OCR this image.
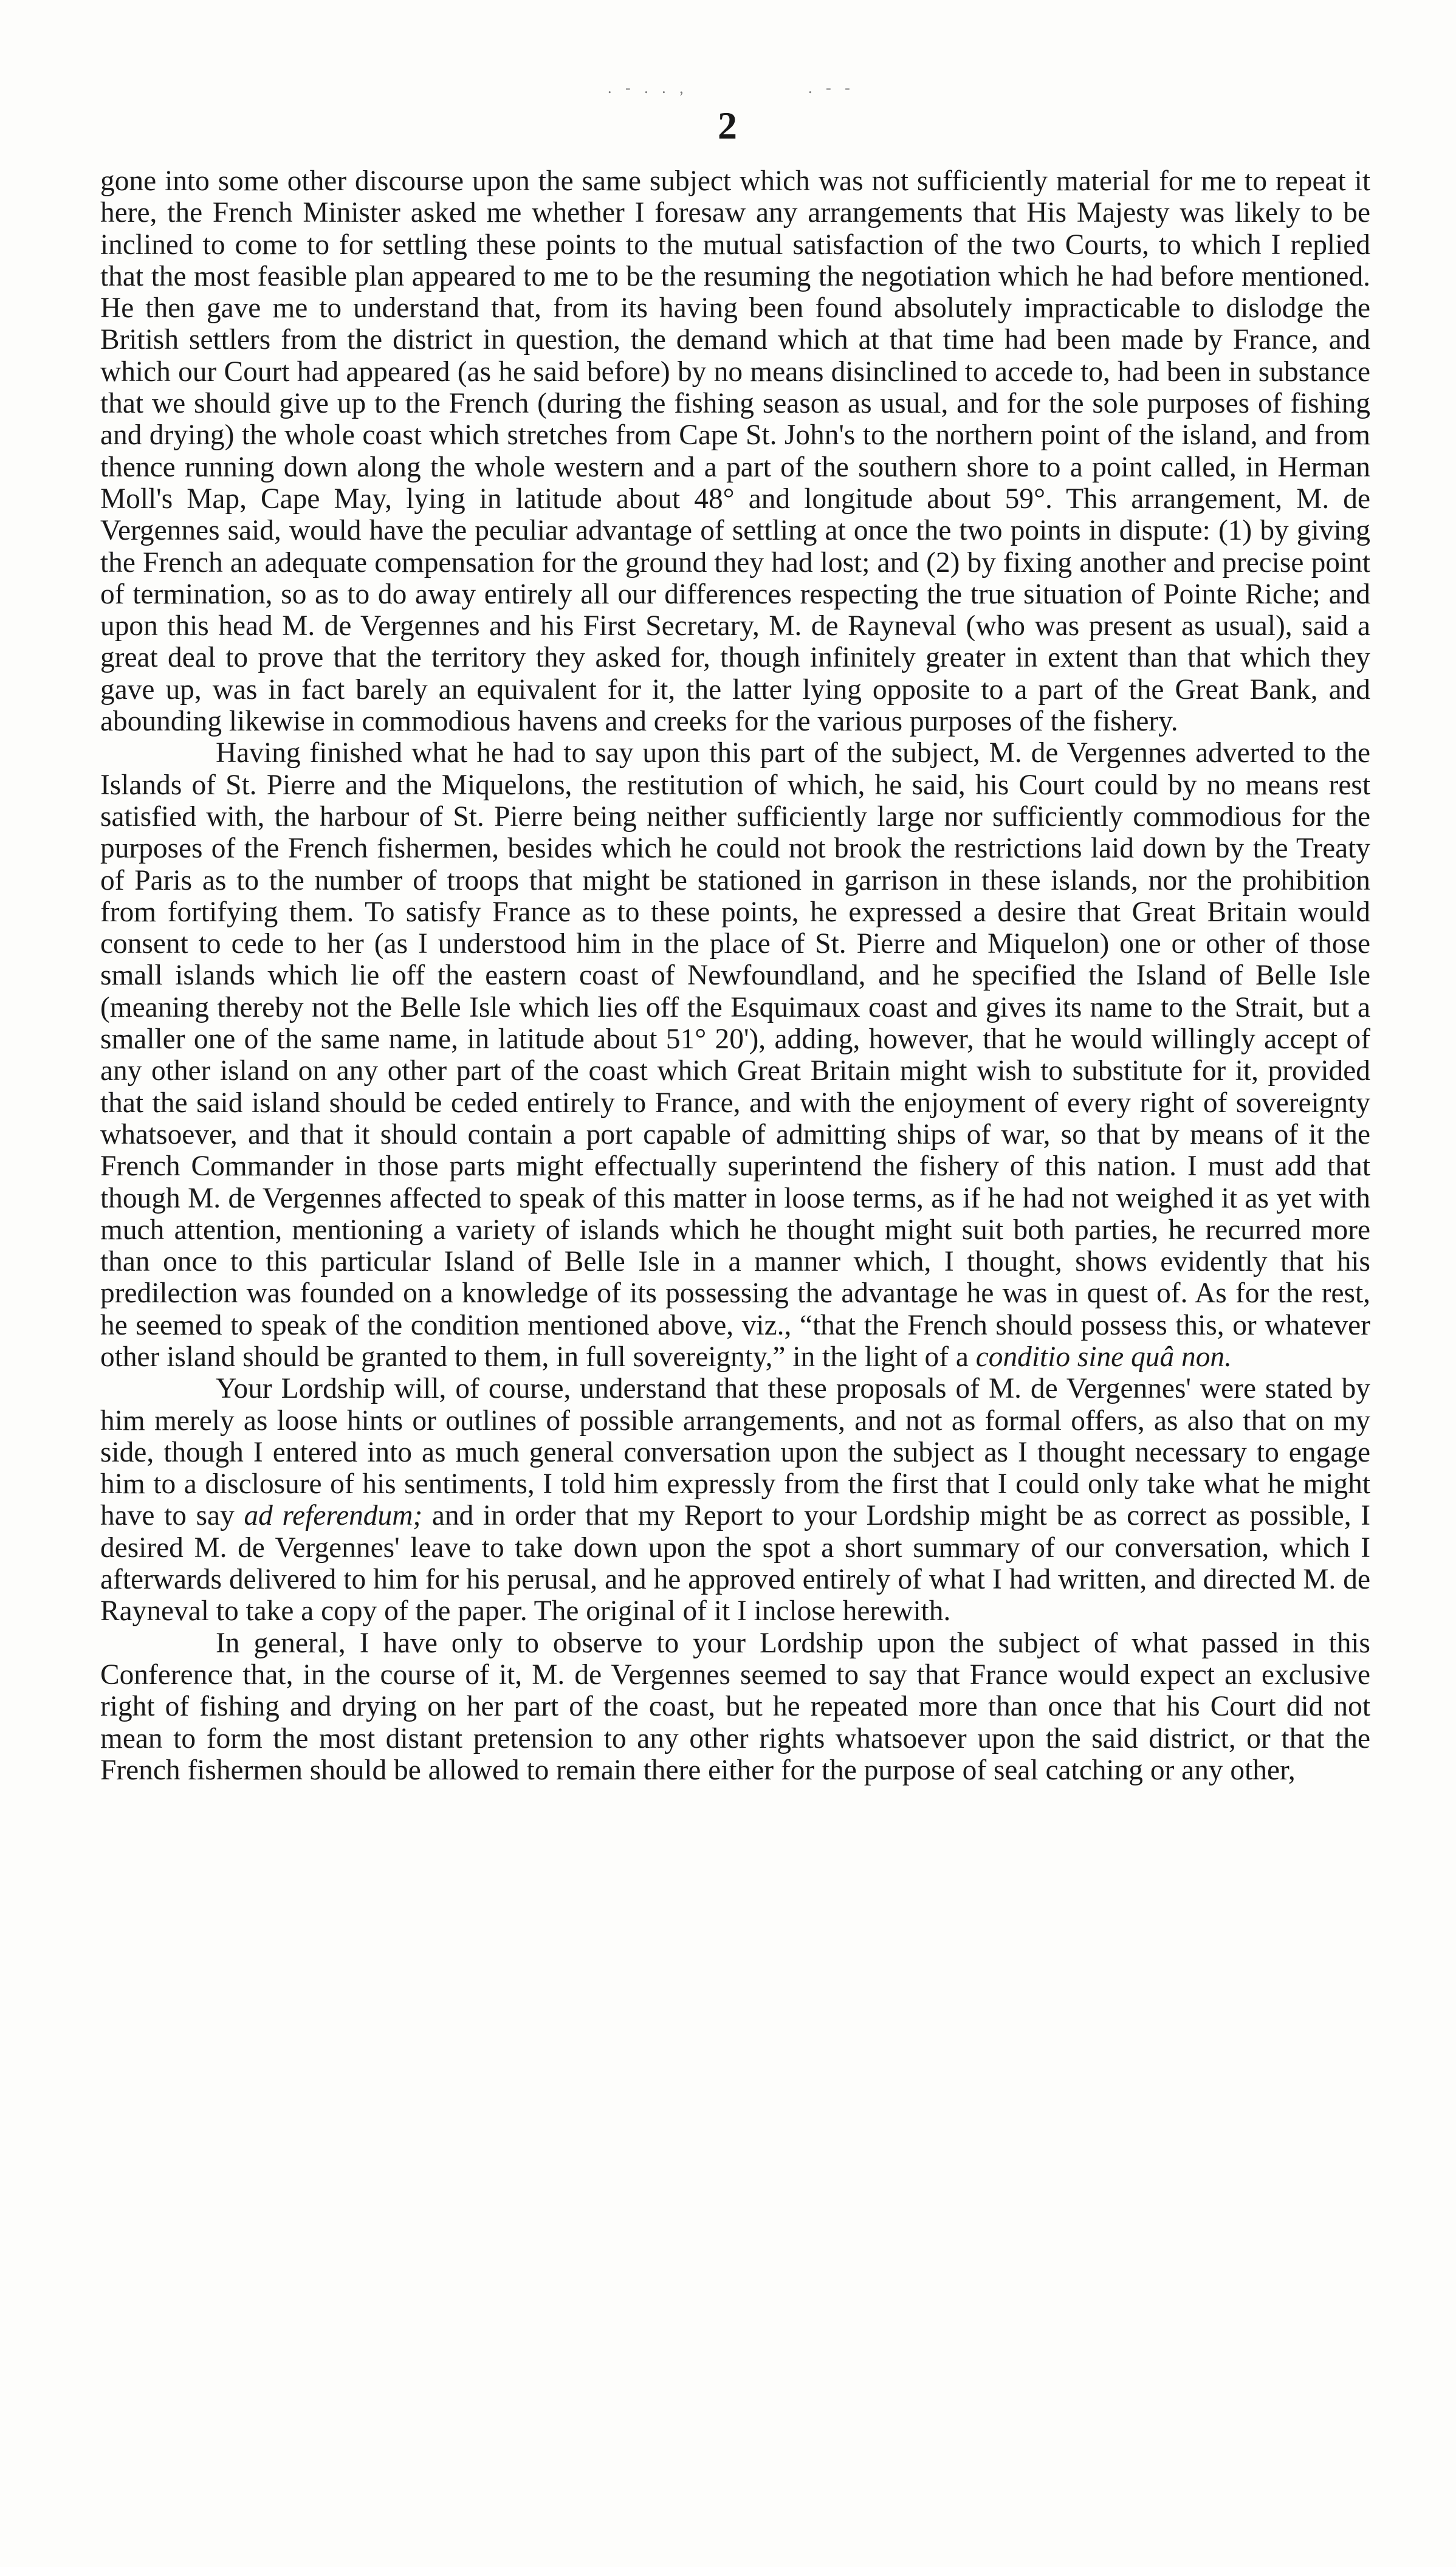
. - . . ,	. - -
2

gone into some other discourse upon the same subject which was not sufficiently material for me to repeat it here, the French Minister asked me whether I foresaw any arrangements that His Majesty was likely to be inclined to come to for settling these points to the mutual satisfaction of the two Courts, to which I replied that the most feasible plan appeared to me to be the resuming the negotiation which he had before mentioned. He then gave me to understand that, from its having been found absolutely impracticable to dislodge the British settlers from the district in question, the demand which at that time had been made by France, and which our Court had appeared (as he said before) by no means disinclined to accede to, had been in substance that we should give up to the French (during the fishing season as usual, and for the sole purposes of fishing and drying) the whole coast which stretches from Cape St. John's to the northern point of the island, and from thence running down along the whole western and a part of the southern shore to a point called, in Herman Moll's Map, Cape May, lying in latitude about 48° and longitude about 59°. This arrangement, M. de Vergennes said, would have the peculiar advantage of settling at once the two points in dispute: (1) by giving the French an adequate compensation for the ground they had lost; and (2) by fixing another and precise point of termination, so as to do away entirely all our differences respecting the true situation of Pointe Riche; and upon this head M. de Vergennes and his First Secretary, M. de Rayneval (who was present as usual), said a great deal to prove that the territory they asked for, though infinitely greater in extent than that which they gave up, was in fact barely an equivalent for it, the latter lying opposite to a part of the Great Bank, and abounding likewise in commodious havens and creeks for the various purposes of the fishery.

Having finished what he had to say upon this part of the subject, M. de Vergennes adverted to the Islands of St. Pierre and the Miquelons, the restitution of which, he said, his Court could by no means rest satisfied with, the harbour of St. Pierre being neither sufficiently large nor sufficiently commodious for the purposes of the French fishermen, besides which he could not brook the restrictions laid down by the Treaty of Paris as to the number of troops that might be stationed in garrison in these islands, nor the prohibition from fortifying them. To satisfy France as to these points, he expressed a desire that Great Britain would consent to cede to her (as I understood him in the place of St. Pierre and Miquelon) one or other of those small islands which lie off the eastern coast of Newfoundland, and he specified the Island of Belle Isle (meaning thereby not the Belle Isle which lies off the Esquimaux coast and gives its name to the Strait, but a smaller one of the same name, in latitude about 51° 20'), adding, however, that he would willingly accept of any other island on any other part of the coast which Great Britain might wish to substitute for it, provided that the said island should be ceded entirely to France, and with the enjoyment of every right of sovereignty whatsoever, and that it should contain a port capable of admitting ships of war, so that by means of it the French Commander in those parts might effectually superintend the fishery of this nation. I must add that though M. de Vergennes affected to speak of this matter in loose terms, as if he had not weighed it as yet with much attention, mentioning a variety of islands which he thought might suit both parties, he recurred more than once to this particular Island of Belle Isle in a manner which, I thought, shows evidently that his predilection was founded on a knowledge of its possessing the advantage he was in quest of. As for the rest, he seemed to speak of the condition mentioned above, viz., “that the French should possess this, or whatever other island should be granted to them, in full sovereignty,” in the light of a conditio sine quâ non.

Your Lordship will, of course, understand that these proposals of M. de Vergennes' were stated by him merely as loose hints or outlines of possible arrangements, and not as formal offers, as also that on my side, though I entered into as much general conversation upon the subject as I thought necessary to engage him to a disclosure of his sentiments, I told him expressly from the first that I could only take what he might have to say ad referendum; and in order that my Report to your Lordship might be as correct as possible, I desired M. de Vergennes' leave to take down upon the spot a short summary of our conversation, which I afterwards delivered to him for his perusal, and he approved entirely of what I had written, and directed M. de Rayneval to take a copy of the paper. The original of it I inclose herewith.

In general, I have only to observe to your Lordship upon the subject of what passed in this Conference that, in the course of it, M. de Vergennes seemed to say that France would expect an exclusive right of fishing and drying on her part of the coast, but he repeated more than once that his Court did not mean to form the most distant pretension to any other rights whatsoever upon the said district, or that the French fishermen should be allowed to remain there either for the purpose of seal catching or any other,
